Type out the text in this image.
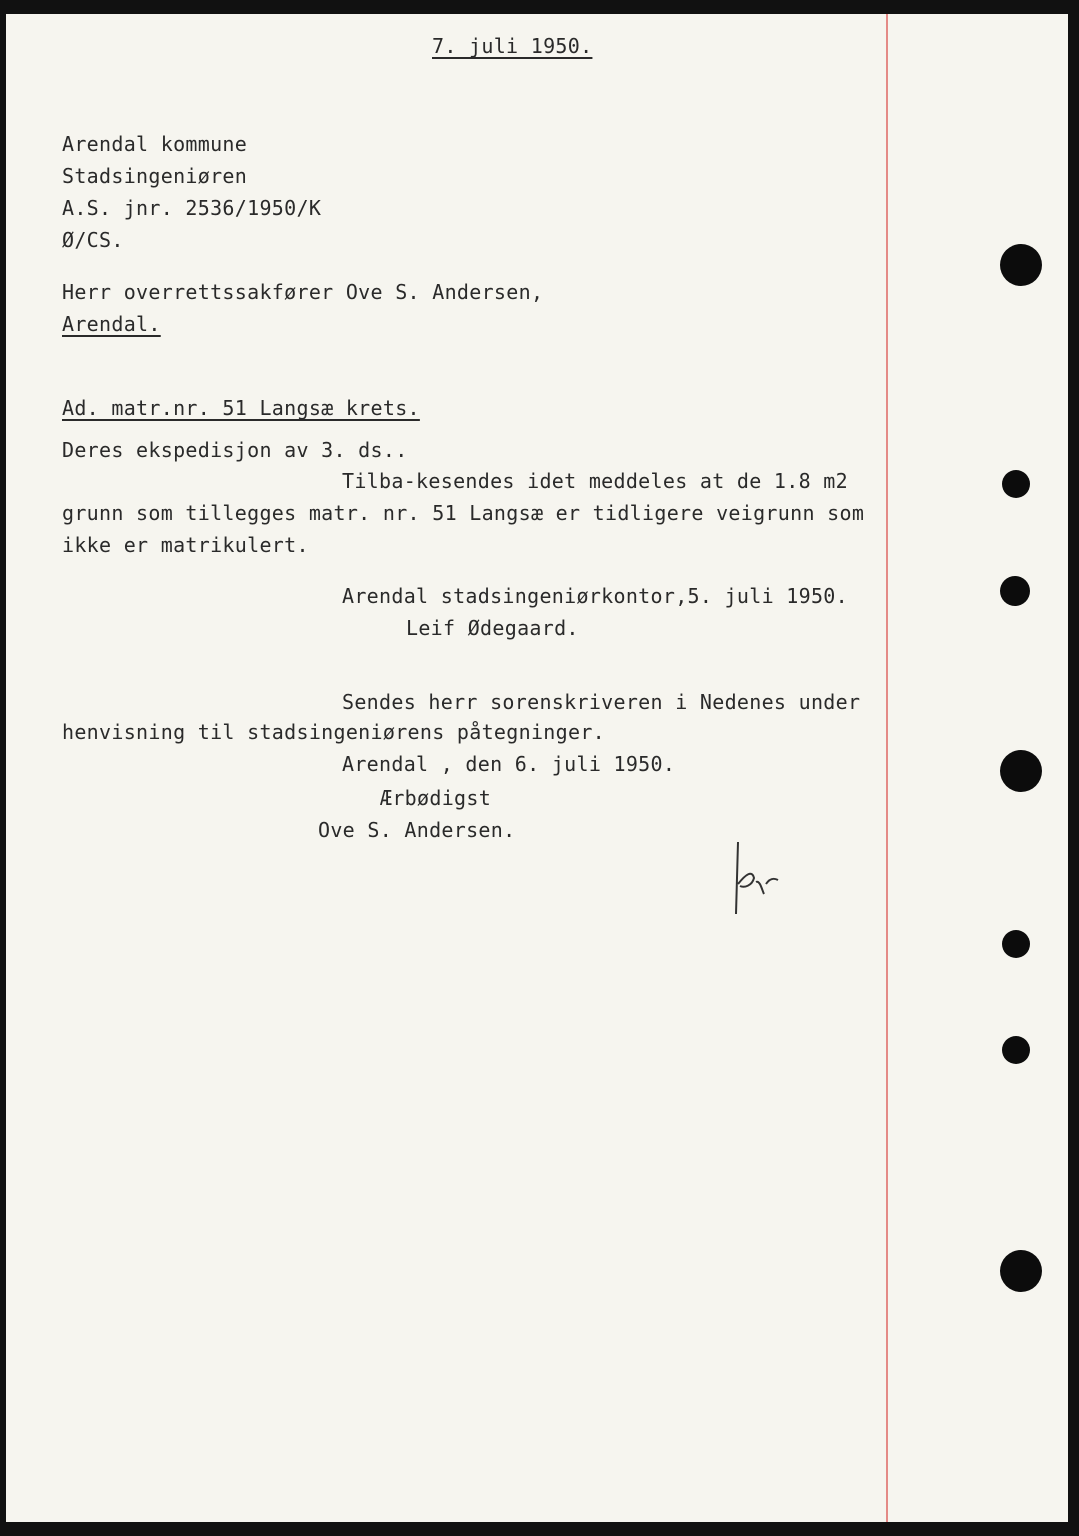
7. juli 1950.
Arendal kommune
Stadsingeniøren
A.S. jnr. 2536/1950/K
Ø/CS.
Herr overrettssakfører Ove S. Andersen,
Arendal.
Ad. matr.nr. 51 Langsæ krets.
Deres ekspedisjon av 3. ds..
Tilba-kesendes idet meddeles at de 1.8 m2
grunn som tillegges matr. nr. 51 Langsæ er tidligere veigrunn som
ikke er matrikulert.
Arendal stadsingeniørkontor,5. juli 1950.
Leif Ødegaard.
Sendes herr sorenskriveren i Nedenes under
henvisning til stadsingeniørens påtegninger.
Arendal , den 6. juli 1950.
Ærbødigst
Ove S. Andersen.
